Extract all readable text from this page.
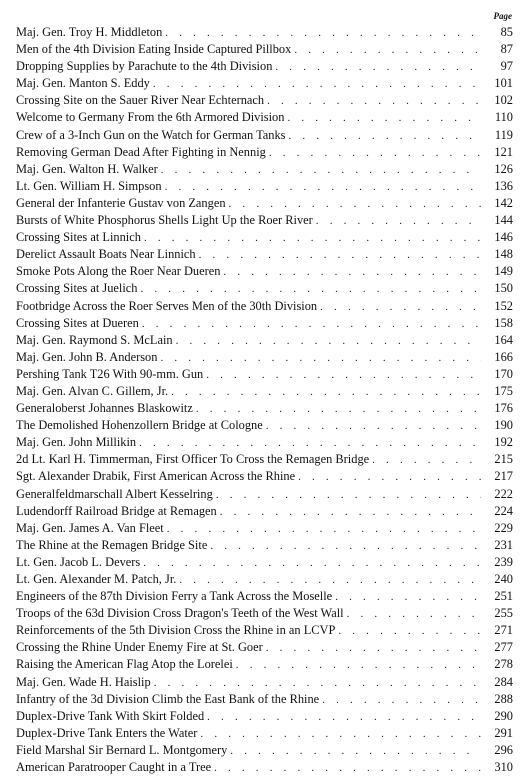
Page
Maj. Gen. Troy H. Middleton . . .	85
Men of the 4th Division Eating Inside Captured Pillbox . . .	87
Dropping Supplies by Parachute to the 4th Division . . .	97
Maj. Gen. Manton S. Eddy . . .	101
Crossing Site on the Sauer River Near Echternach . . .	102
Welcome to Germany From the 6th Armored Division . . .	110
Crew of a 3-Inch Gun on the Watch for German Tanks . . .	119
Removing German Dead After Fighting in Nennig . . .	121
Maj. Gen. Walton H. Walker . . .	126
Lt. Gen. William H. Simpson . . .	136
General der Infanterie Gustav von Zangen . . .	142
Bursts of White Phosphorus Shells Light Up the Roer River . . .	144
Crossing Sites at Linnich . . .	146
Derelict Assault Boats Near Linnich . . .	148
Smoke Pots Along the Roer Near Dueren . . .	149
Crossing Sites at Juelich . . .	150
Footbridge Across the Roer Serves Men of the 30th Division . . .	152
Crossing Sites at Dueren . . .	158
Maj. Gen. Raymond S. McLain . . .	164
Maj. Gen. John B. Anderson . . .	166
Pershing Tank T26 With 90-mm. Gun . . .	170
Maj. Gen. Alvan C. Gillem, Jr. . . .	175
Generaloberst Johannes Blaskowitz . . .	176
The Demolished Hohenzollern Bridge at Cologne . . .	190
Maj. Gen. John Millikin . . .	192
2d Lt. Karl H. Timmerman, First Officer To Cross the Remagen Bridge . . .	215
Sgt. Alexander Drabik, First American Across the Rhine . . .	217
Generalfeldmarschall Albert Kesselring . . .	222
Ludendorff Railroad Bridge at Remagen . . .	224
Maj. Gen. James A. Van Fleet . . .	229
The Rhine at the Remagen Bridge Site . . .	231
Lt. Gen. Jacob L. Devers . . .	239
Lt. Gen. Alexander M. Patch, Jr. . . .	240
Engineers of the 87th Division Ferry a Tank Across the Moselle . . .	251
Troops of the 63d Division Cross Dragon's Teeth of the West Wall . . .	255
Reinforcements of the 5th Division Cross the Rhine in an LCVP . . .	271
Crossing the Rhine Under Enemy Fire at St. Goer . . .	277
Raising the American Flag Atop the Lorelei . . .	278
Maj. Gen. Wade H. Haislip . . .	284
Infantry of the 3d Division Climb the East Bank of the Rhine . . .	288
Duplex-Drive Tank With Skirt Folded . . .	290
Duplex-Drive Tank Enters the Water . . .	291
Field Marshal Sir Bernard L. Montgomery . . .	296
American Paratrooper Caught in a Tree . . .	310
